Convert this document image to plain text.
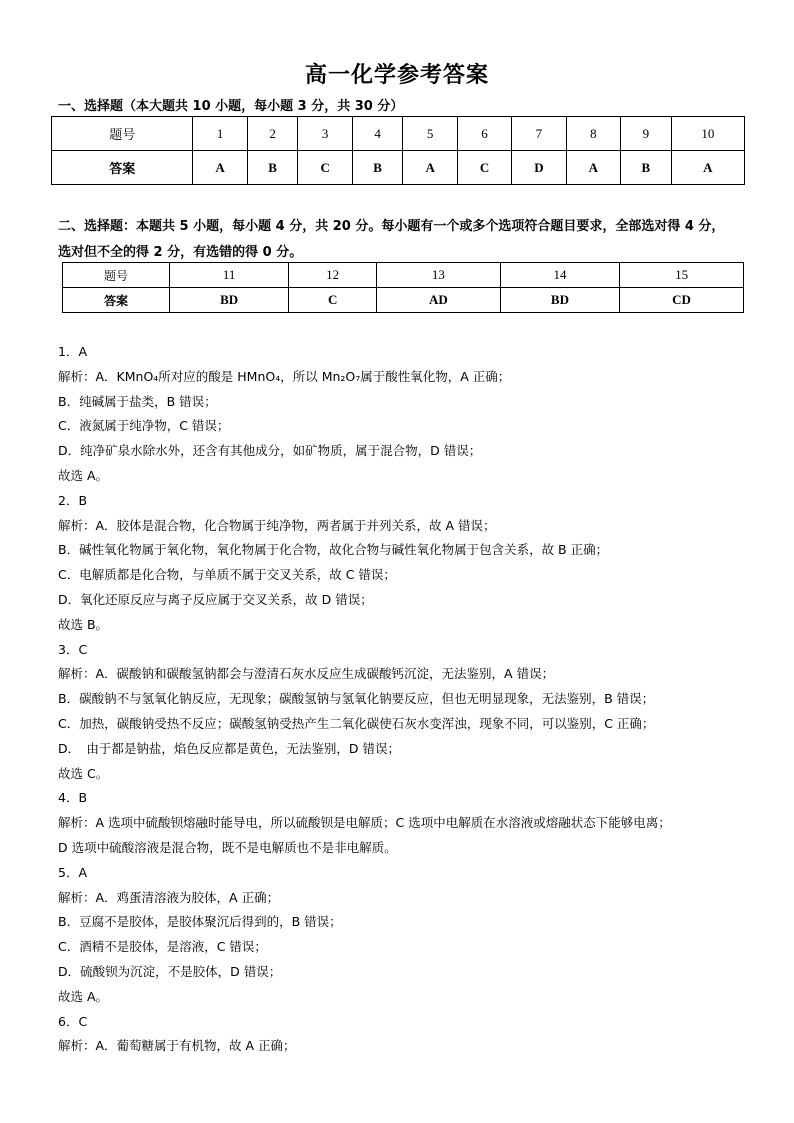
高一化学参考答案
一、选择题（本大题共 10 小题，每小题 3 分，共 30 分）
题号	1	2	3	4	5	6	7	8	9	10
答案	A	B	C	B	A	C	D	A	B	A
二、选择题：本题共 5 小题，每小题 4 分，共 20 分。每小题有一个或多个选项符合题目要求，全部选对得 4 分，
选对但不全的得 2 分，有选错的得 0 分。
题号	11	12	13	14	15
答案	BD	C	AD	BD	CD

1．A

解析：A．KMnO₄所对应的酸是 HMnO₄，所以 Mn₂O₇属于酸性氧化物，A 正确；

B．纯碱属于盐类，B 错误；

C．液氮属于纯净物，C 错误；

D．纯净矿泉水除水外，还含有其他成分，如矿物质，属于混合物，D 错误；

故选 A。

2．B

解析：A．胶体是混合物，化合物属于纯净物，两者属于并列关系，故 A 错误；

B．碱性氧化物属于氧化物，氧化物属于化合物，故化合物与碱性氧化物属于包含关系，故 B 正确；

C．电解质都是化合物，与单质不属于交叉关系，故 C 错误；

D．氧化还原反应与离子反应属于交叉关系，故 D 错误；

故选 B。

3．C

解析：A．碳酸钠和碳酸氢钠都会与澄清石灰水反应生成碳酸钙沉淀，无法鉴别，A 错误；

B．碳酸钠不与氢氧化钠反应，无现象；碳酸氢钠与氢氧化钠要反应，但也无明显现象，无法鉴别，B 错误；

C．加热，碳酸钠受热不反应；碳酸氢钠受热产生二氧化碳使石灰水变浑浊，现象不同，可以鉴别，C 正确；

D．　由于都是钠盐，焰色反应都是黄色，无法鉴别，D 错误；

故选 C。

4．B

解析：A 选项中硫酸钡熔融时能导电，所以硫酸钡是电解质；C 选项中电解质在水溶液或熔融状态下能够电离；

D 选项中硫酸溶液是混合物，既不是电解质也不是非电解质。

5．A

解析：A．鸡蛋清溶液为胶体，A 正确；

B．豆腐不是胶体，是胶体聚沉后得到的，B 错误；

C．酒精不是胶体，是溶液，C 错误；

D．硫酸钡为沉淀，不是胶体，D 错误；

故选 A。

6．C

解析：A．葡萄糖属于有机物，故 A 正确；
